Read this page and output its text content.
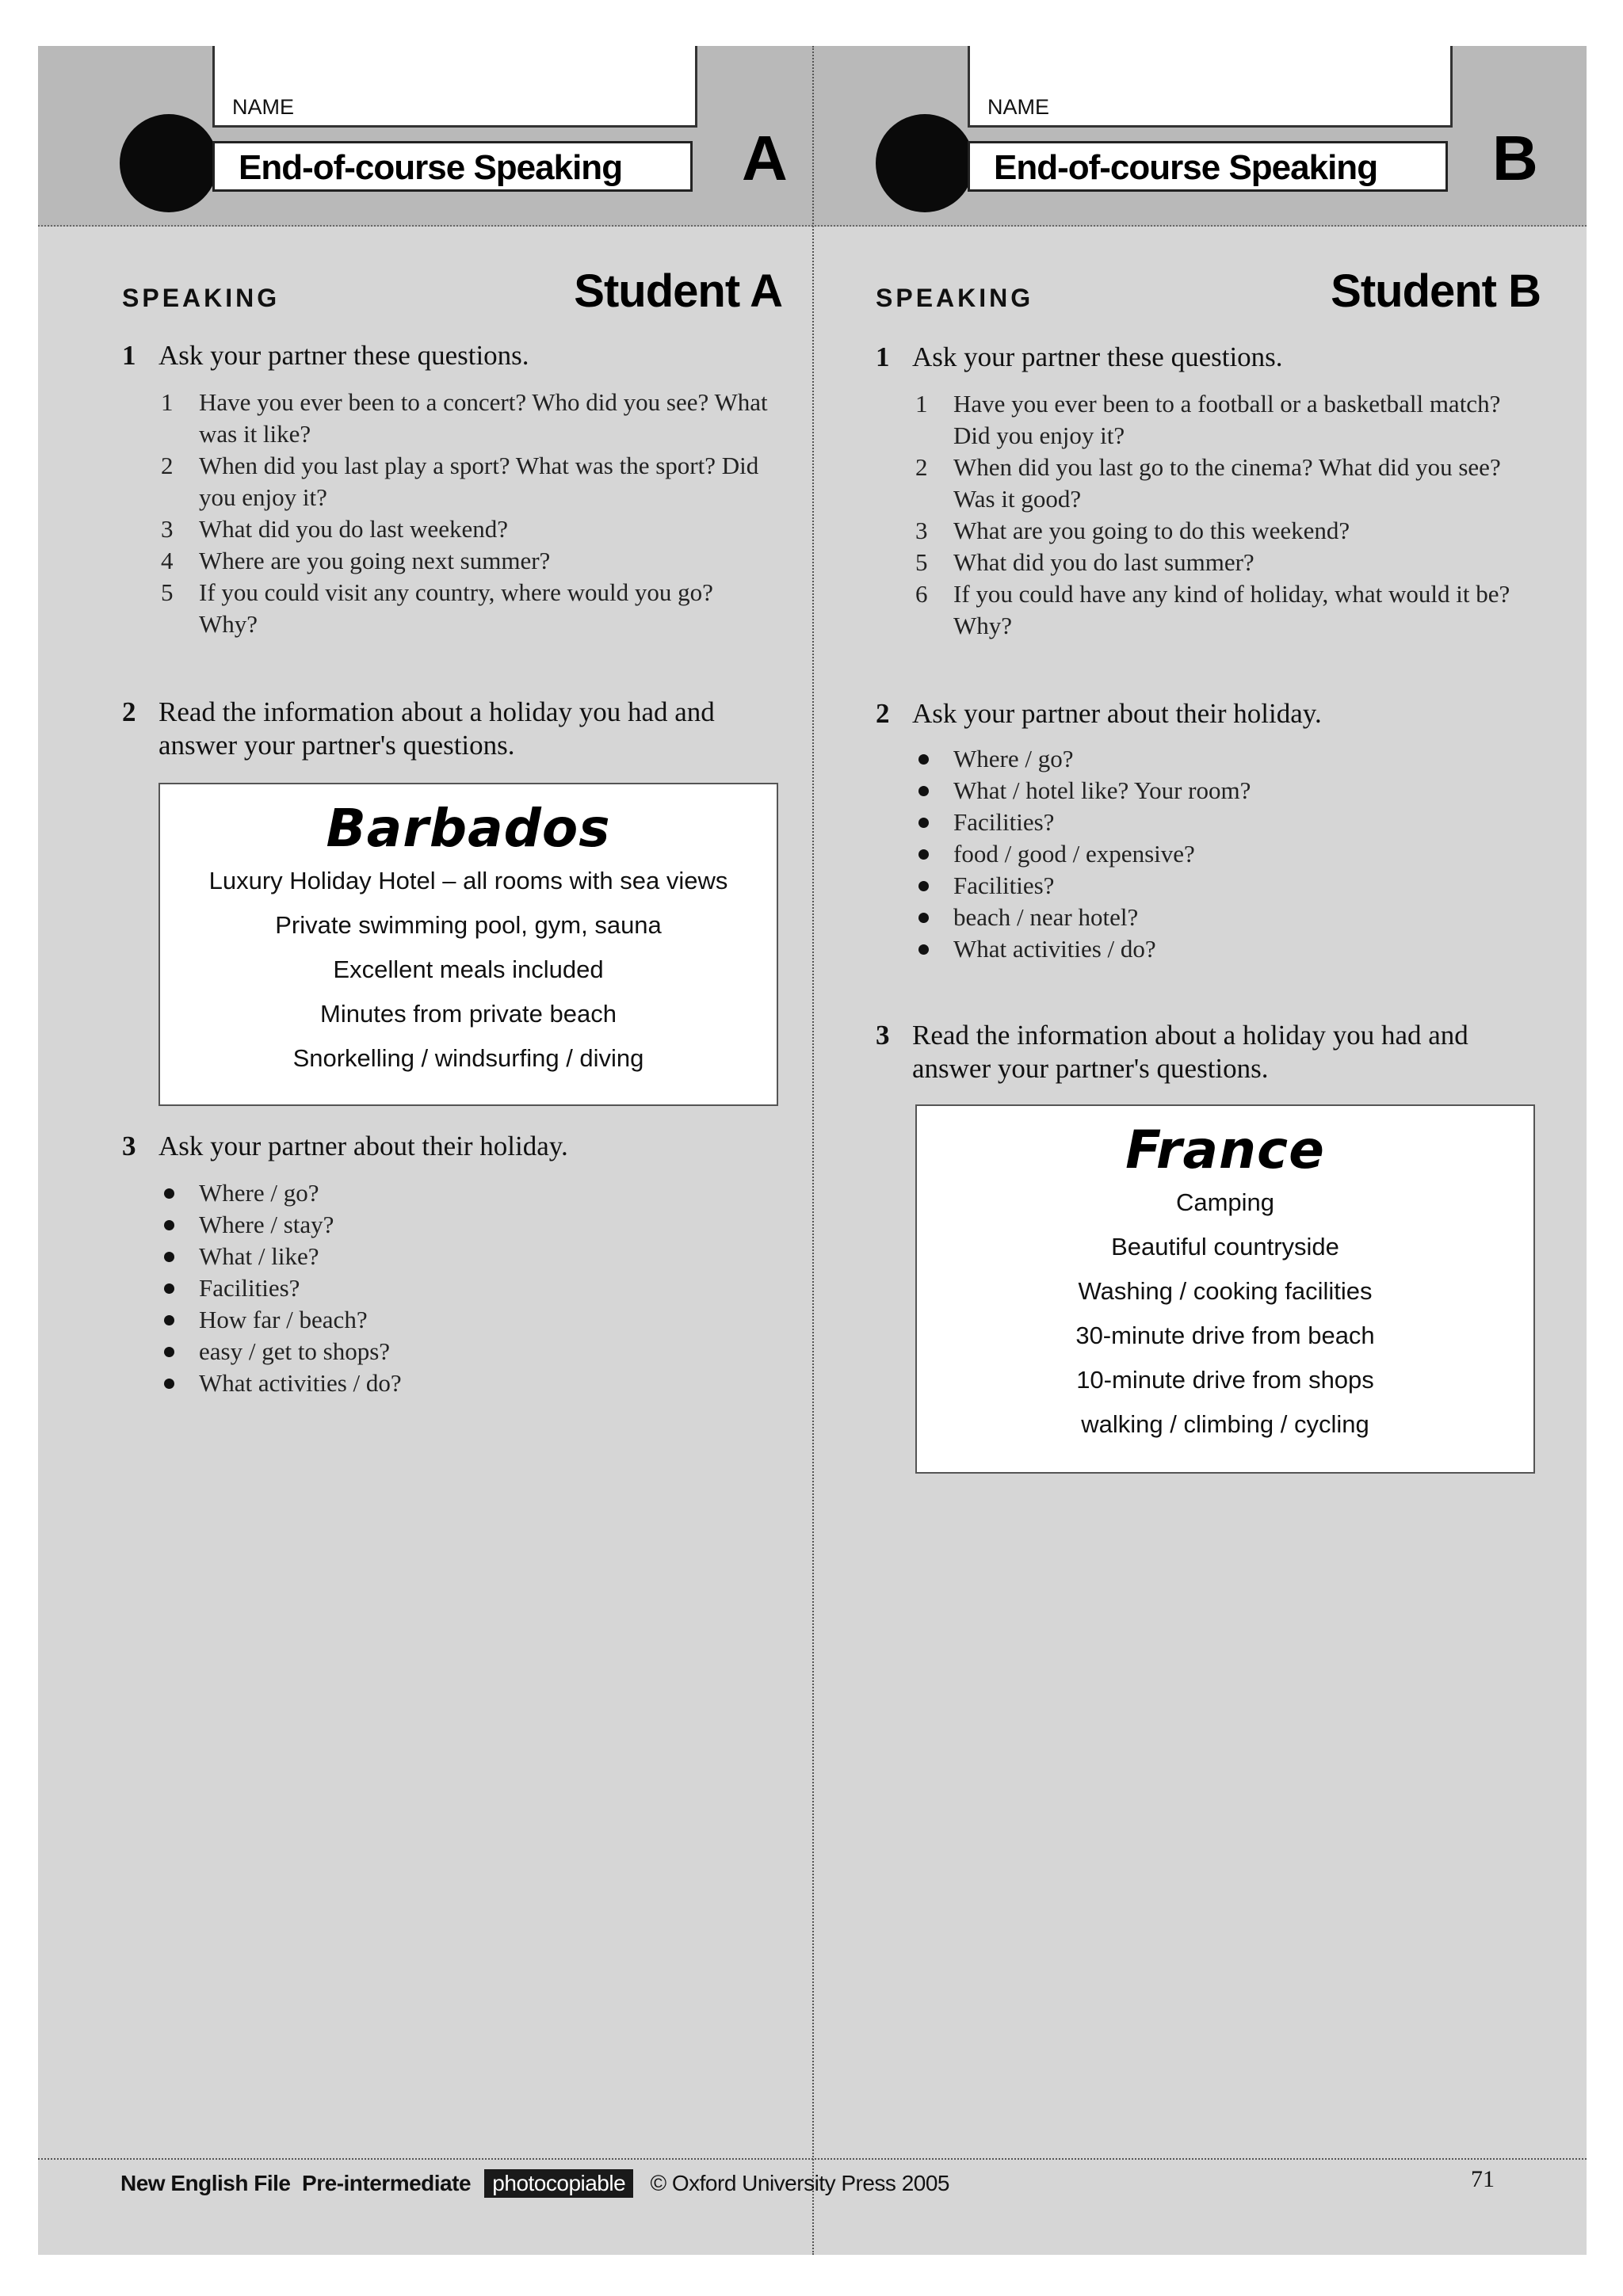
NAME
End-of-course Speaking A
SPEAKING	Student A
1 Ask your partner these questions.
1 Have you ever been to a concert? Who did you see? What was it like?
2 When did you last play a sport? What was the sport? Did you enjoy it?
3 What did you do last weekend?
4 Where are you going next summer?
5 If you could visit any country, where would you go? Why?
2 Read the information about a holiday you had and answer your partner's questions.
Barbados
Luxury Holiday Hotel – all rooms with sea views
Private swimming pool, gym, sauna
Excellent meals included
Minutes from private beach
Snorkelling / windsurfing / diving
3 Ask your partner about their holiday.
Where / go?
Where / stay?
What / like?
Facilities?
How far / beach?
easy / get to shops?
What activities / do?
NAME
End-of-course Speaking B
SPEAKING	Student B
1 Ask your partner these questions.
1 Have you ever been to a football or a basketball match? Did you enjoy it?
2 When did you last go to the cinema? What did you see? Was it good?
3 What are you going to do this weekend?
5 What did you do last summer?
6 If you could have any kind of holiday, what would it be? Why?
2 Ask your partner about their holiday.
Where / go?
What / hotel like? Your room?
Facilities?
food / good / expensive?
Facilities?
beach / near hotel?
What activities / do?
3 Read the information about a holiday you had and answer your partner's questions.
France
Camping
Beautiful countryside
Washing / cooking facilities
30-minute drive from beach
10-minute drive from shops
walking / climbing / cycling
New English File Pre-intermediate photocopiable © Oxford University Press 2005	71
